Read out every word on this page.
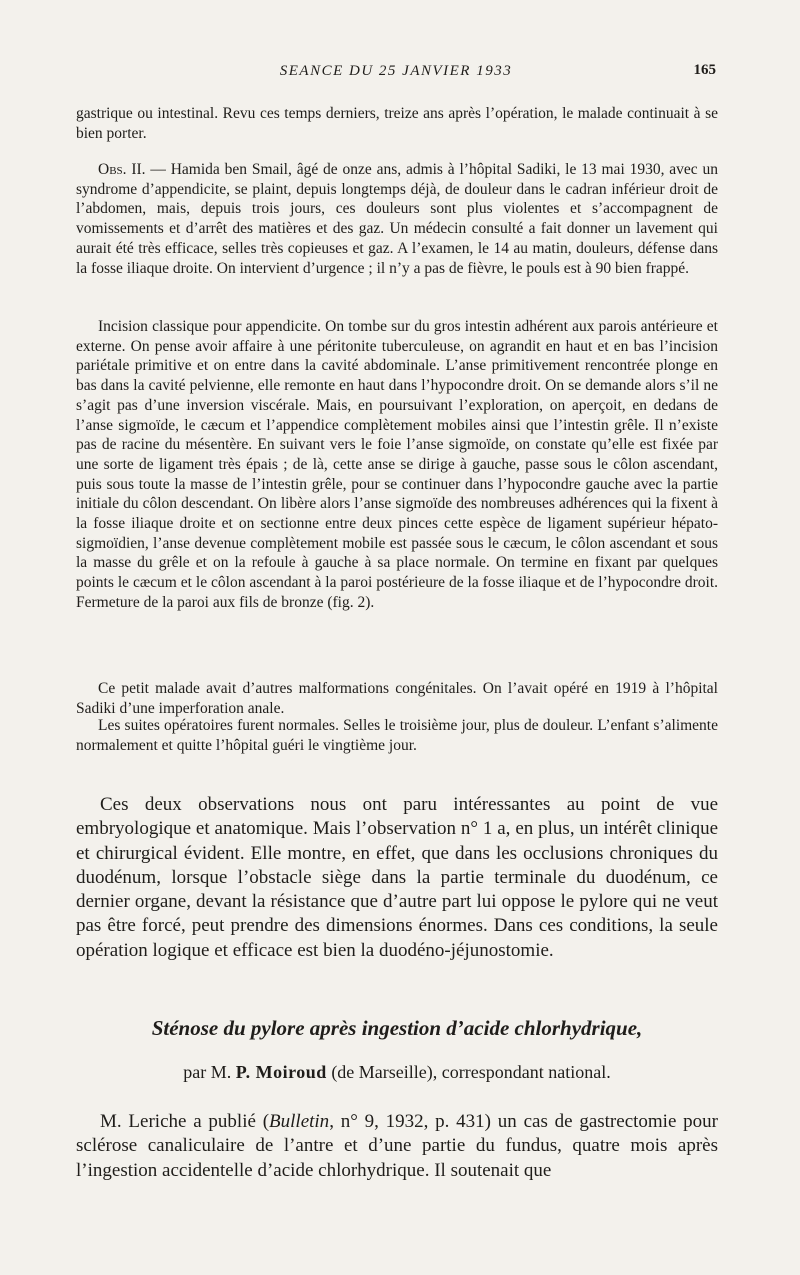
SEANCE DU 25 JANVIER 1933	165

gastrique ou intestinal. Revu ces temps derniers, treize ans après l’opération, le malade continuait à se bien porter.

Obs. II. — Hamida ben Smail, âgé de onze ans, admis à l’hôpital Sadiki, le 13 mai 1930, avec un syndrome d’appendicite, se plaint, depuis longtemps déjà, de douleur dans le cadran inférieur droit de l’abdomen, mais, depuis trois jours, ces douleurs sont plus violentes et s’accompagnent de vomissements et d’arrêt des matières et des gaz. Un médecin consulté a fait donner un lavement qui aurait été très efficace, selles très copieuses et gaz. A l’examen, le 14 au matin, douleurs, défense dans la fosse iliaque droite. On intervient d’urgence ; il n’y a pas de fièvre, le pouls est à 90 bien frappé.

Incision classique pour appendicite. On tombe sur du gros intestin adhérent aux parois antérieure et externe. On pense avoir affaire à une péritonite tuberculeuse, on agrandit en haut et en bas l’incision pariétale primitive et on entre dans la cavité abdominale. L’anse primitivement rencontrée plonge en bas dans la cavité pelvienne, elle remonte en haut dans l’hypocondre droit. On se demande alors s’il ne s’agit pas d’une inversion viscérale. Mais, en poursuivant l’exploration, on aperçoit, en dedans de l’anse sigmoïde, le cæcum et l’appendice complètement mobiles ainsi que l’intestin grêle. Il n’existe pas de racine du mésentère. En suivant vers le foie l’anse sigmoïde, on constate qu’elle est fixée par une sorte de ligament très épais ; de là, cette anse se dirige à gauche, passe sous le côlon ascendant, puis sous toute la masse de l’intestin grêle, pour se continuer dans l’hypocondre gauche avec la partie initiale du côlon descendant. On libère alors l’anse sigmoïde des nombreuses adhérences qui la fixent à la fosse iliaque droite et on sectionne entre deux pinces cette espèce de ligament supérieur hépato-sigmoïdien, l’anse devenue complètement mobile est passée sous le cæcum, le côlon ascendant et sous la masse du grêle et on la refoule à gauche à sa place normale. On termine en fixant par quelques points le cæcum et le côlon ascendant à la paroi postérieure de la fosse iliaque et de l’hypocondre droit. Fermeture de la paroi aux fils de bronze (fig. 2).

Ce petit malade avait d’autres malformations congénitales. On l’avait opéré en 1919 à l’hôpital Sadiki d’une imperforation anale.

Les suites opératoires furent normales. Selles le troisième jour, plus de douleur. L’enfant s’alimente normalement et quitte l’hôpital guéri le vingtième jour.

Ces deux observations nous ont paru intéressantes au point de vue embryologique et anatomique. Mais l’observation n° 1 a, en plus, un intérêt clinique et chirurgical évident. Elle montre, en effet, que dans les occlusions chroniques du duodénum, lorsque l’obstacle siège dans la partie terminale du duodénum, ce dernier organe, devant la résistance que d’autre part lui oppose le pylore qui ne veut pas être forcé, peut prendre des dimensions énormes. Dans ces conditions, la seule opération logique et efficace est bien la duodéno-jéjunostomie.

Sténose du pylore après ingestion d’acide chlorhydrique,

par M. P. Moiroud (de Marseille), correspondant national.

M. Leriche a publié (Bulletin, n° 9, 1932, p. 431) un cas de gastrectomie pour sclérose canaliculaire de l’antre et d’une partie du fundus, quatre mois après l’ingestion accidentelle d’acide chlorhydrique. Il soutenait que
